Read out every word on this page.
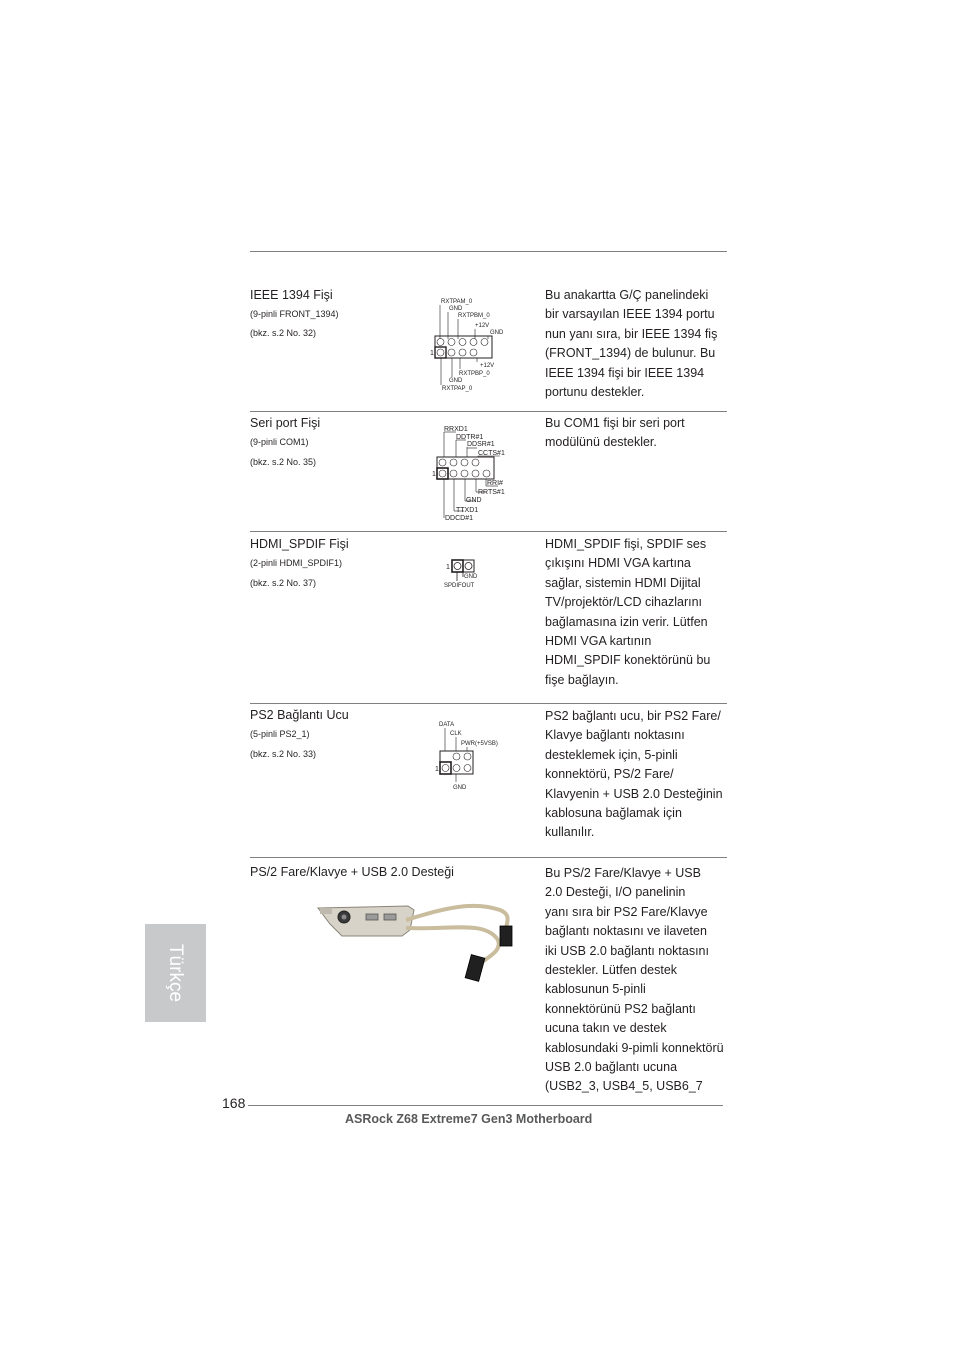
IEEE 1394 Fişi
(9-pinli FRONT_1394)
(bkz. s.2 No. 32)
RXTPAM_0
GND
RXTPBM_0
+12V
GND
1
+12V
RXTPBP_0
GND
RXTPAP_0
Bu anakartta G/Ç panelindeki
bir varsayılan IEEE 1394 portu
nun yanı sıra, bir IEEE 1394 fiş
(FRONT_1394) de bulunur. Bu
IEEE 1394 fişi bir IEEE 1394
portunu destekler.
Seri port Fişi
(9-pinli COM1)
(bkz. s.2 No. 35)
RRXD1
DDTR#1
DDSR#1
CCTS#1
1
RRI#
RRTS#1
GND
TTXD1
DDCD#1
Bu COM1 fişi bir seri port
modülünü destekler.
HDMI_SPDIF Fişi
(2-pinli HDMI_SPDIF1)
(bkz. s.2 No. 37)
1
GND
SPDIFOUT
HDMI_SPDIF fişi, SPDIF ses
çıkışını HDMI VGA kartına
sağlar, sistemin HDMI Dijital
TV/projektör/LCD cihazlarını
bağlamasına izin verir. Lütfen
HDMI VGA kartının
HDMI_SPDIF konektörünü bu
fişe bağlayın.
PS2 Bağlantı Ucu
(5-pinli PS2_1)
(bkz. s.2 No. 33)
DATA
CLK
PWR(+5VSB)
1
GND
PS2 bağlantı ucu, bir PS2 Fare/
Klavye bağlantı noktasını
desteklemek için, 5-pinli
konnektörü, PS/2 Fare/
Klavyenin + USB 2.0 Desteğinin
kablosuna bağlamak için
kullanılır.
PS/2 Fare/Klavye + USB 2.0 Desteği	Bu PS/2 Fare/Klavye + USB
2.0 Desteği, I/O panelinin
yanı sıra bir PS2 Fare/Klavye
bağlantı noktasını ve ilaveten
iki USB 2.0 bağlantı noktasını
destekler. Lütfen destek
kablosunun 5-pinli
konnektörünü PS2 bağlantı
ucuna takın ve destek
kablosundaki 9-pimli konnektörü
USB 2.0 bağlantı ucuna
(USB2_3, USB4_5, USB6_7
Türkçe
168
ASRock Z68 Extreme7 Gen3 Motherboard
